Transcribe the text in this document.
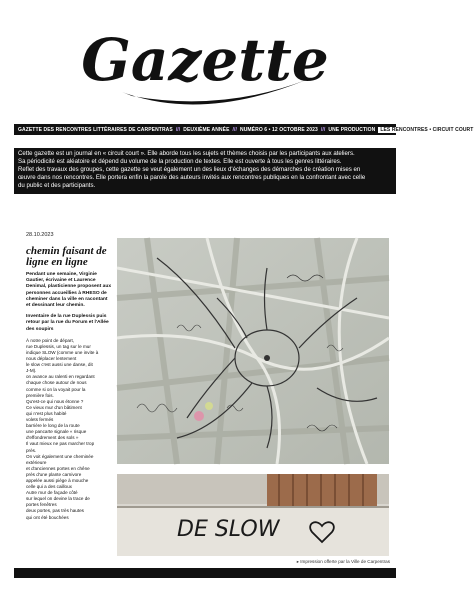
Gazette
GAZETTE DES RENCONTRES LITTÉRAIRES DE CARPENTRAS /// DEUXIÈME ANNÉE /// NUMÉRO 6 • 12 OCTOBRE 2023 /// UNE PRODUCTION	LES RENCONTRES • CIRCUIT COURT

Cette gazette est un journal en « circuit court ». Elle aborde tous les sujets et thèmes choisis par les participants aux ateliers.

Sa périodicité est aléatoire et dépend du volume de la production de textes. Elle est ouverte à tous les genres littéraires.

Reflet des travaux des groupes, cette gazette se veut également un des lieux d'échanges des démarches de création mises en

œuvre dans nos rencontres. Elle portera enfin la parole des auteurs invités aux rencontres publiques en la confrontant avec celle

du public et des participants.

28.10.2023
chemin faisant de
ligne en ligne

Pendant une semaine, Virginie Gautier, écrivaine et Laurence Denimal, plasticienne proposent aux personnes accueillies à RHESO de cheminer dans la ville en racontant et dessinant leur chemin.

Inventaire de la rue Duplessis puis retour par la rue du Forum et l'Allée des soupirs

À notre point de départ,
rue Duplessis, un tag sur le mur
indique SLOW (comme une invite à
nous déplacer lentement
le slow c'est aussi une danse, dit
J-M).
on avance au ralenti en regardant
chaque chose autour de nous
comme si on la voyait pour la
première fois.
Qu'est-ce qui nous étonne ?
Ce vieux mur d'un bâtiment
qui n'est plus habité
volets fermés
barrière le long de la route
une pancarte signale « risque
d'effondrement des sols »
Il vaut mieux ne pas marcher trop
près.
On voit également une cheminée
extérieure
et d'anciennes portes en chêne
près d'une plante carnivore
appelée aussi piège à mouche
celle qui a des cailloux
Autre mur de façade côté
sur lequel on devine la trace de
portes fenêtres
deux portes, pas très hautes
qui ont été bouchées	DE SLOW
▸ Impression offerte par la Ville de Carpentras
